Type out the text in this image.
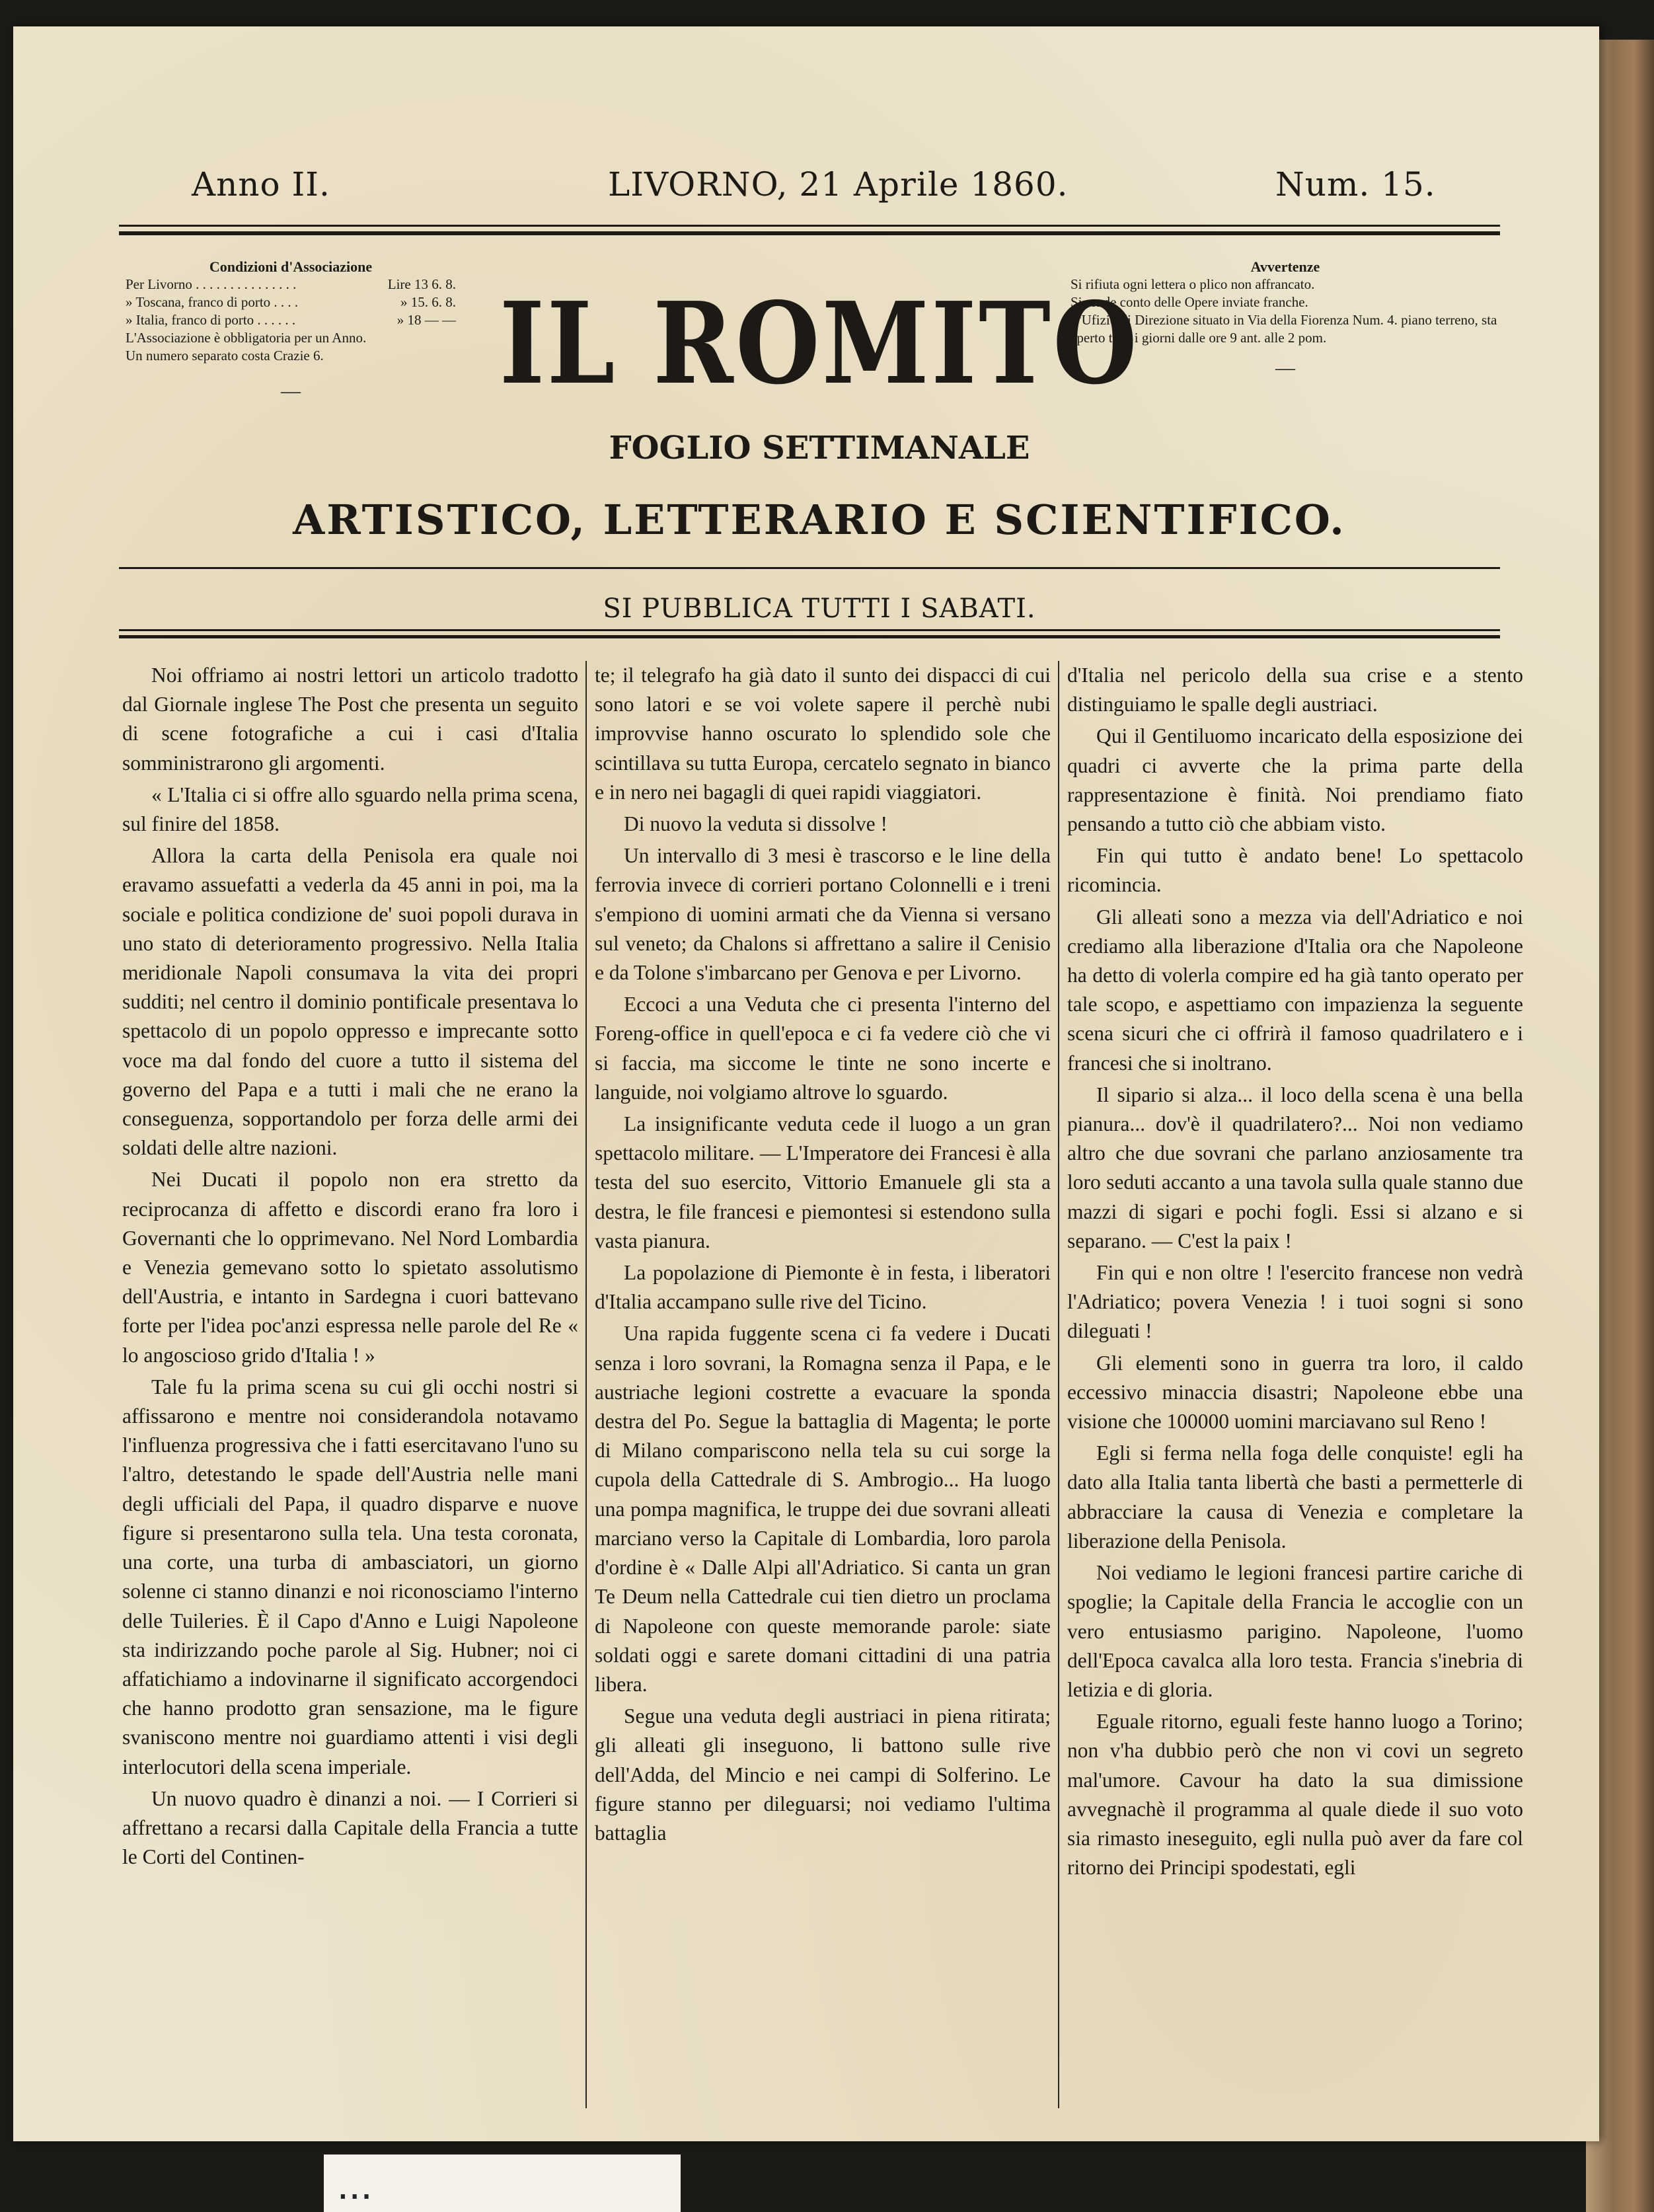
Anno II.	LIVORNO, 21 Aprile 1860.	Num. 15.
Condizioni d'Associazione
Per Livorno . . . . . . . . . . . . . . .	Lire 13 6. 8.
» Toscana, franco di porto . . . .	» 15. 6. 8.
» Italia, franco di porto . . . . . .	» 18 — —
L'Associazione è obbligatoria per un Anno.
Un numero separato costa Crazie 6.
—	IL ROMITO
FOGLIO SETTIMANALE
ARTISTICO, LETTERARIO E SCIENTIFICO.
Avvertenze
Si rifiuta ogni lettera o plico non affrancato.
Si rende conto delle Opere inviate franche.
L'Ufizio di Direzione situato in Via della Fiorenza Num. 4. piano terreno, sta aperto tutti i giorni dalle ore 9 ant. alle 2 pom.
—
SI PUBBLICA TUTTI I SABATI.

Noi offriamo ai nostri lettori un articolo tradotto dal Giornale inglese The Post che presenta un seguito di scene fotografiche a cui i casi d'Italia somministrarono gli argomenti.

« L'Italia ci si offre allo sguardo nella prima scena, sul finire del 1858.

Allora la carta della Penisola era quale noi eravamo assuefatti a vederla da 45 anni in poi, ma la sociale e politica condizione de' suoi popoli durava in uno stato di deterioramento progressivo. Nella Italia meridionale Napoli consumava la vita dei propri sudditi; nel centro il dominio pontificale presentava lo spettacolo di un popolo oppresso e imprecante sotto voce ma dal fondo del cuore a tutto il sistema del governo del Papa e a tutti i mali che ne erano la conseguenza, sopportandolo per forza delle armi dei soldati delle altre nazioni.

Nei Ducati il popolo non era stretto da reciprocanza di affetto e discordi erano fra loro i Governanti che lo opprimevano. Nel Nord Lombardia e Venezia gemevano sotto lo spietato assolutismo dell'Austria, e intanto in Sardegna i cuori battevano forte per l'idea poc'anzi espressa nelle parole del Re « lo angoscioso grido d'Italia ! »

Tale fu la prima scena su cui gli occhi nostri si affissarono e mentre noi considerandola notavamo l'influenza progressiva che i fatti esercitavano l'uno su l'altro, detestando le spade dell'Austria nelle mani degli ufficiali del Papa, il quadro disparve e nuove figure si presentarono sulla tela. Una testa coronata, una corte, una turba di ambasciatori, un giorno solenne ci stanno dinanzi e noi riconosciamo l'interno delle Tuileries. È il Capo d'Anno e Luigi Napoleone sta indirizzando poche parole al Sig. Hubner; noi ci affatichiamo a indovinarne il significato accorgendoci che hanno prodotto gran sensazione, ma le figure svaniscono mentre noi guardiamo attenti i visi degli interlocutori della scena imperiale.

Un nuovo quadro è dinanzi a noi. — I Corrieri si affrettano a recarsi dalla Capitale della Francia a tutte le Corti del Continen-

te; il telegrafo ha già dato il sunto dei dispacci di cui sono latori e se voi volete sapere il perchè nubi improvvise hanno oscurato lo splendido sole che scintillava su tutta Europa, cercatelo segnato in bianco e in nero nei bagagli di quei rapidi viaggiatori.

Di nuovo la veduta si dissolve !

Un intervallo di 3 mesi è trascorso e le line della ferrovia invece di corrieri portano Colonnelli e i treni s'empiono di uomini armati che da Vienna si versano sul veneto; da Chalons si affrettano a salire il Cenisio e da Tolone s'imbarcano per Genova e per Livorno.

Eccoci a una Veduta che ci presenta l'interno del Foreng-office in quell'epoca e ci fa vedere ciò che vi si faccia, ma siccome le tinte ne sono incerte e languide, noi volgiamo altrove lo sguardo.

La insignificante veduta cede il luogo a un gran spettacolo militare. — L'Imperatore dei Francesi è alla testa del suo esercito, Vittorio Emanuele gli sta a destra, le file francesi e piemontesi si estendono sulla vasta pianura.

La popolazione di Piemonte è in festa, i liberatori d'Italia accampano sulle rive del Ticino.

Una rapida fuggente scena ci fa vedere i Ducati senza i loro sovrani, la Romagna senza il Papa, e le austriache legioni costrette a evacuare la sponda destra del Po. Segue la battaglia di Magenta; le porte di Milano compariscono nella tela su cui sorge la cupola della Cattedrale di S. Ambrogio... Ha luogo una pompa magnifica, le truppe dei due sovrani alleati marciano verso la Capitale di Lombardia, loro parola d'ordine è « Dalle Alpi all'Adriatico. Si canta un gran Te Deum nella Cattedrale cui tien dietro un proclama di Napoleone con queste memorande parole: siate soldati oggi e sarete domani cittadini di una patria libera.

Segue una veduta degli austriaci in piena ritirata; gli alleati gli inseguono, li battono sulle rive dell'Adda, del Mincio e nei campi di Solferino. Le figure stanno per dileguarsi; noi vediamo l'ultima battaglia

d'Italia nel pericolo della sua crise e a stento distinguiamo le spalle degli austriaci.

Qui il Gentiluomo incaricato della esposizione dei quadri ci avverte che la prima parte della rappresentazione è finità. Noi prendiamo fiato pensando a tutto ciò che abbiam visto.

Fin qui tutto è andato bene! Lo spettacolo ricomincia.

Gli alleati sono a mezza via dell'Adriatico e noi crediamo alla liberazione d'Italia ora che Napoleone ha detto di volerla compire ed ha già tanto operato per tale scopo, e aspettiamo con impazienza la seguente scena sicuri che ci offrirà il famoso quadrilatero e i francesi che si inoltrano.

Il sipario si alza... il loco della scena è una bella pianura... dov'è il quadrilatero?... Noi non vediamo altro che due sovrani che parlano anziosamente tra loro seduti accanto a una tavola sulla quale stanno due mazzi di sigari e pochi fogli. Essi si alzano e si separano. — C'est la paix !

Fin qui e non oltre ! l'esercito francese non vedrà l'Adriatico; povera Venezia ! i tuoi sogni si sono dileguati !

Gli elementi sono in guerra tra loro, il caldo eccessivo minaccia disastri; Napoleone ebbe una visione che 100000 uomini marciavano sul Reno !

Egli si ferma nella foga delle conquiste! egli ha dato alla Italia tanta libertà che basti a permetterle di abbracciare la causa di Venezia e completare la liberazione della Penisola.

Noi vediamo le legioni francesi partire cariche di spoglie; la Capitale della Francia le accoglie con un vero entusiasmo parigino. Napoleone, l'uomo dell'Epoca cavalca alla loro testa. Francia s'inebria di letizia e di gloria.

Eguale ritorno, eguali feste hanno luogo a Torino; non v'ha dubbio però che non vi covi un segreto mal'umore. Cavour ha dato la sua dimissione avvegnachè il programma al quale diede il suo voto sia rimasto ineseguito, egli nulla può aver da fare col ritorno dei Principi spodestati, egli

...
